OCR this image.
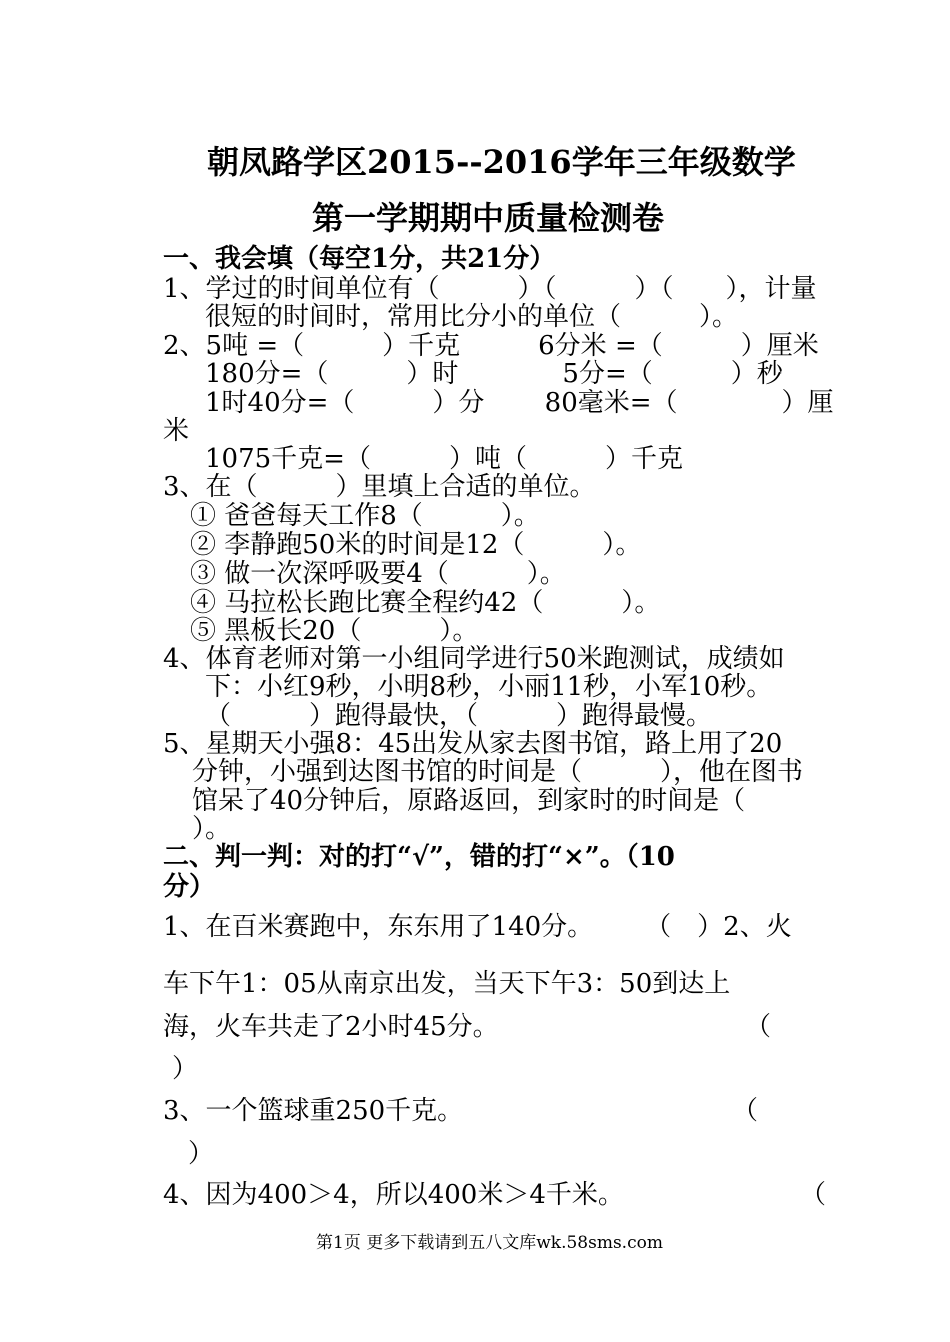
朝凤路学区2015--2016学年三年级数学
第一学期期中质量检测卷
一、我会填（每空1分，共21分）
1、学过的时间单位有（　　　）（　　　）（　　），计量
很短的时间时，常用比分小的单位（　　　）。
2、5吨 =（　　　）千克　　　6分米 =（　　　）厘米
180分=（　　　）时　　　　5分=（　　　）秒
1时40分=（　　　）分　　 80毫米=（　　　　）厘
米
1075千克=（　　　）吨（　　　）千克
3、在（　　　）里填上合适的单位。
① 爸爸每天工作8（　　　）。
② 李静跑50米的时间是12（　　　）。
③ 做一次深呼吸要4（　　　）。
④ 马拉松长跑比赛全程约42（　　　）。
⑤ 黑板长20（　　　）。
4、体育老师对第一小组同学进行50米跑测试，成绩如
下：小红9秒，小明8秒，小丽11秒，小军10秒。
（　　　）跑得最快，（　　　）跑得最慢。
5、星期天小强8：45出发从家去图书馆，路上用了20
分钟，小强到达图书馆的时间是（　　　），他在图书
馆呆了40分钟后，原路返回，到家时的时间是（
）。
二、判一判：对的打“√”，错的打“×”。（10
分）
1、在百米赛跑中，东东用了140分。　　　（　）2、火
车下午1：05从南京出发，当天下午3：50到达上
海，火车共走了2小时45分。	（
）
3、一个篮球重250千克。	（
）
4、因为400＞4，所以400米＞4千米。	（
第1页 更多下载请到五八文库wk.58sms.com
